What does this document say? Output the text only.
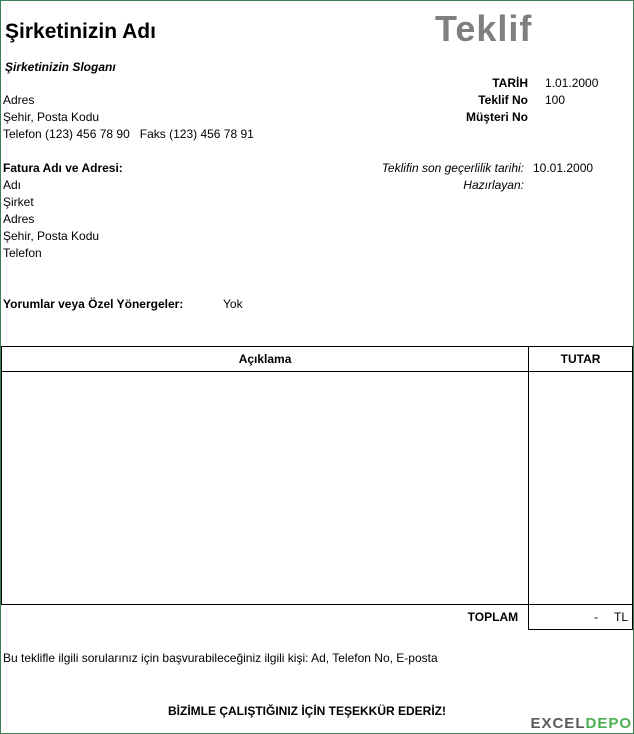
Şirketinizin Adı	Teklif
Şirketinizin Sloganı
Adres
Şehir, Posta Kodu
Telefon (123) 456 78 90   Faks (123) 456 78 91
TARİH 1.01.2000
Teklif No 100
Müşteri No
Fatura Adı ve Adresi:
Adı
Şirket
Adres
Şehir, Posta Kodu
Telefon
Teklifin son geçerlilik tarihi: 10.01.2000
Hazırlayan:
Yorumlar veya Özel Yönergeler:	Yok
Açıklama	TUTAR

TOPLAM	- TL
Bu teklifle ilgili sorularınız için başvurabileceğiniz ilgili kişi: Ad, Telefon No, E-posta
BİZİMLE ÇALIŞTIĞINIZ İÇİN TEŞEKKÜR EDERİZ!
EXCELDEPO
